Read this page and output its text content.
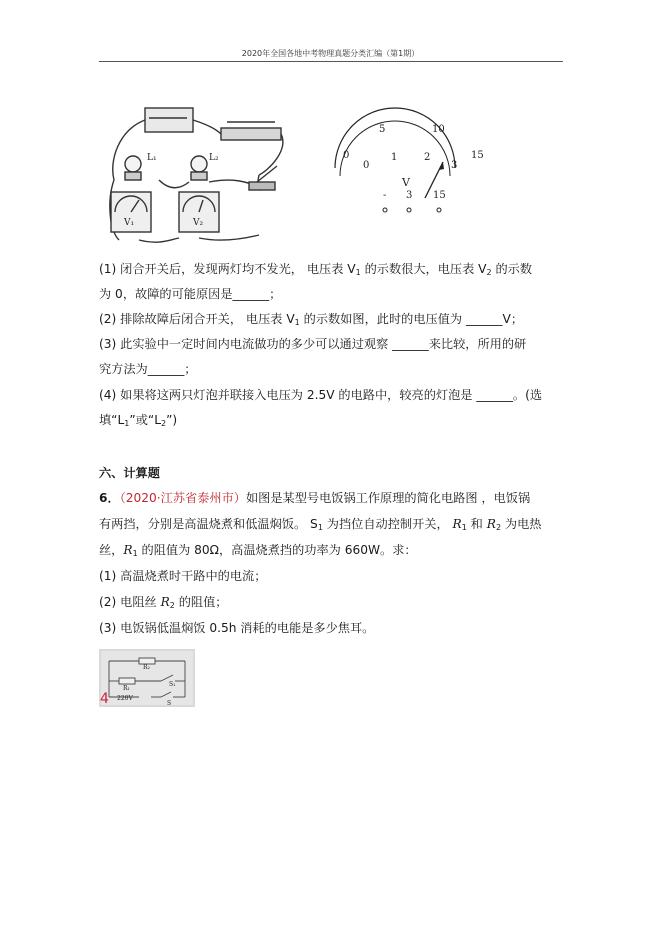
2020年全国各地中考物理真题分类汇编（第1期）
L₁	L₂
V₁	V₂
0
5	10
15
0
1	2
3
V
- 3 15
(1) 闭合开关后，发现两灯均不发光， 电压表 $V_1$ 的示数很大，电压表 $V_2$ 的示数
为 0，故障的可能原因是______；
(2) 排除故障后闭合开关， 电压表 $V_1$ 的示数如图，此时的电压值为 ______V；
(3) 此实验中一定时间内电流做功的多少可以通过观察 ______来比较，所用的研
究方法为______；
(4) 如果将这两只灯泡并联接入电压为 2.5V 的电路中，较亮的灯泡是 ______。(选
填“$L_1$”或“$L_2$”)
六、计算题
6．（2020·江苏省泰州市）如图是某型号电饭锅工作原理的简化电路图 ，电饭锅
有两挡，分别是高温烧煮和低温焖饭。 $S_1$ 为挡位自动控制开关， $R_1$ 和 $R_2$ 为电热
丝，$R_1$ 的阻值为 80Ω，高温烧煮挡的功率为 660W。求：
(1) 高温烧煮时干路中的电流；
(2) 电阻丝 $R_2$ 的阻值；
(3) 电饭锅低温焖饭 0.5h 消耗的电能是多少焦耳。
R₂
R₁
S₁
S
220V
4
